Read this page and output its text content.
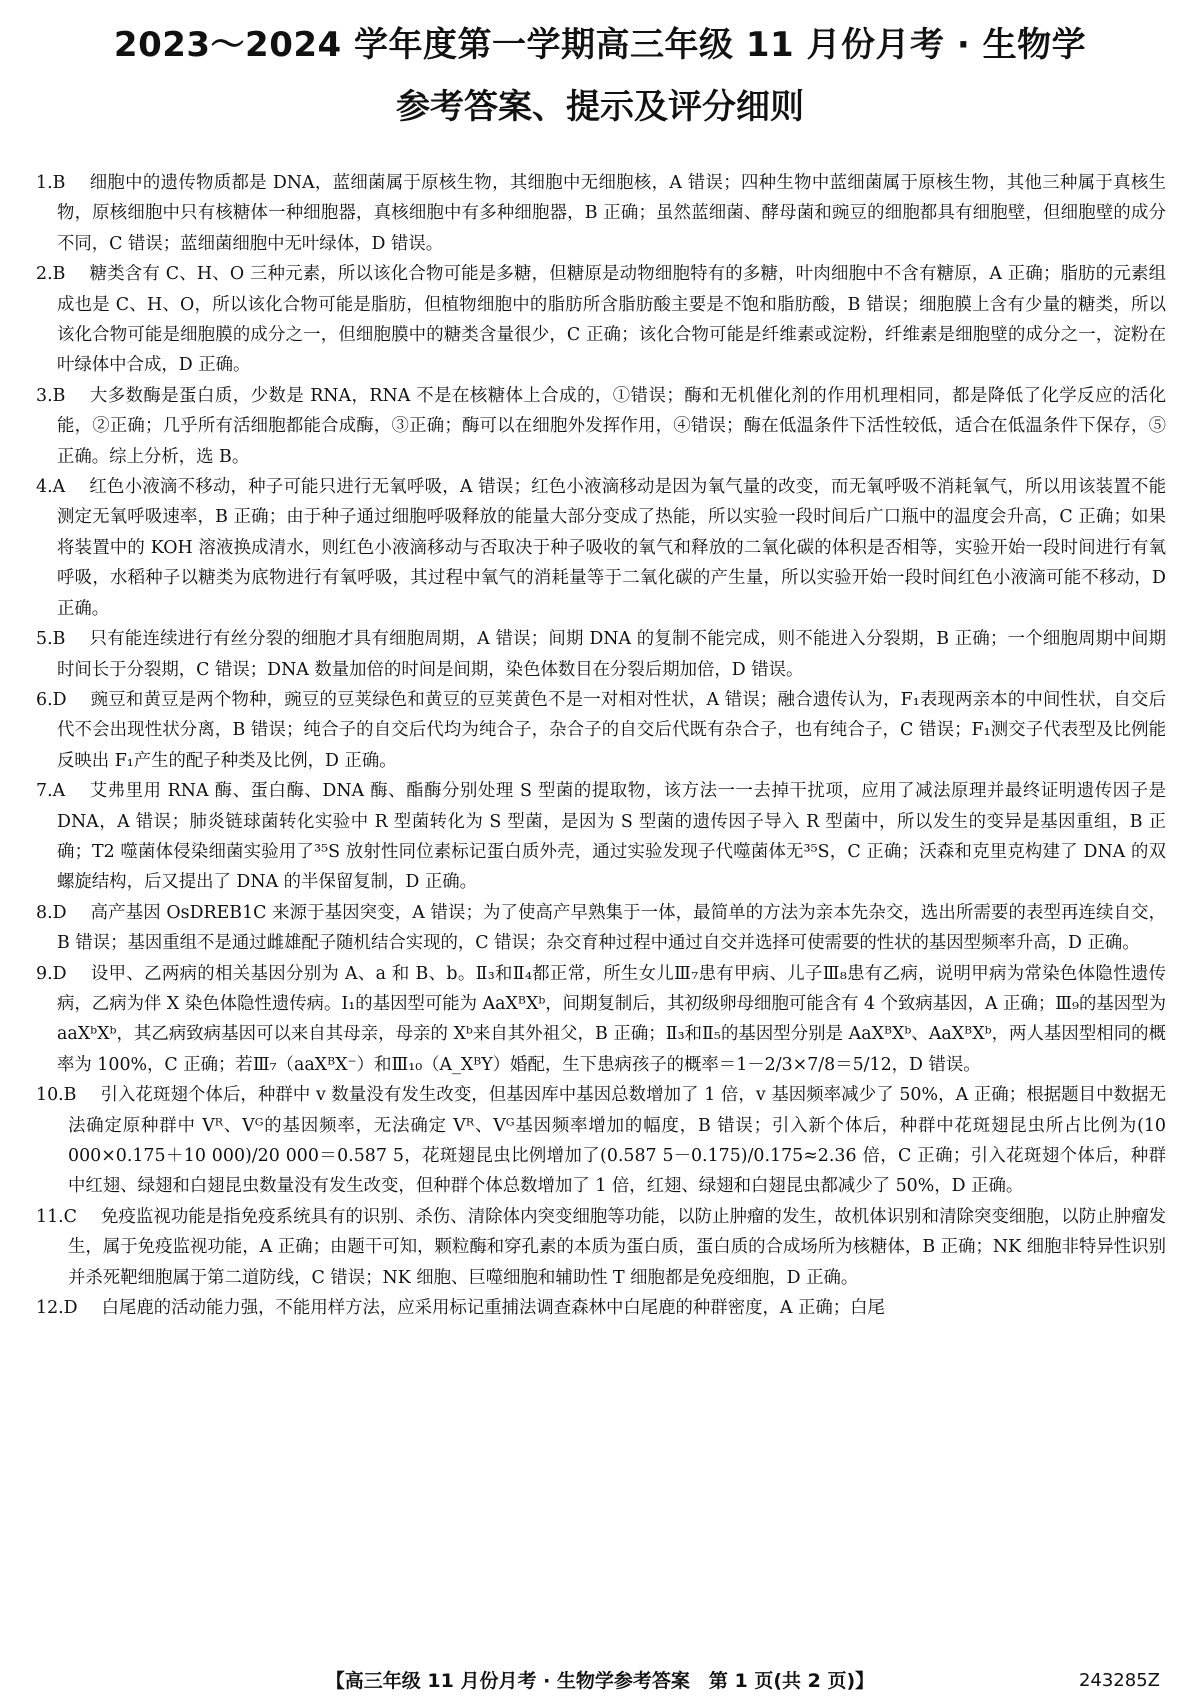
2023～2024 学年度第一学期高三年级 11 月份月考 · 生物学
参考答案、提示及评分细则
1.B 细胞中的遗传物质都是 DNA，蓝细菌属于原核生物，其细胞中无细胞核，A 错误；四种生物中蓝细菌属于原核生物，其他三种属于真核生物，原核细胞中只有核糖体一种细胞器，真核细胞中有多种细胞器，B 正确；虽然蓝细菌、酵母菌和豌豆的细胞都具有细胞壁，但细胞壁的成分不同，C 错误；蓝细菌细胞中无叶绿体，D 错误。
2.B 糖类含有 C、H、O 三种元素，所以该化合物可能是多糖，但糖原是动物细胞特有的多糖，叶肉细胞中不含有糖原，A 正确；脂肪的元素组成也是 C、H、O，所以该化合物可能是脂肪，但植物细胞中的脂肪所含脂肪酸主要是不饱和脂肪酸，B 错误；细胞膜上含有少量的糖类，所以该化合物可能是细胞膜的成分之一，但细胞膜中的糖类含量很少，C 正确；该化合物可能是纤维素或淀粉，纤维素是细胞壁的成分之一，淀粉在叶绿体中合成，D 正确。
3.B 大多数酶是蛋白质，少数是 RNA，RNA 不是在核糖体上合成的，①错误；酶和无机催化剂的作用机理相同，都是降低了化学反应的活化能，②正确；几乎所有活细胞都能合成酶，③正确；酶可以在细胞外发挥作用，④错误；酶在低温条件下活性较低，适合在低温条件下保存，⑤正确。综上分析，选 B。
4.A 红色小液滴不移动，种子可能只进行无氧呼吸，A 错误；红色小液滴移动是因为氧气量的改变，而无氧呼吸不消耗氧气，所以用该装置不能测定无氧呼吸速率，B 正确；由于种子通过细胞呼吸释放的能量大部分变成了热能，所以实验一段时间后广口瓶中的温度会升高，C 正确；如果将装置中的 KOH 溶液换成清水，则红色小液滴移动与否取决于种子吸收的氧气和释放的二氧化碳的体积是否相等，实验开始一段时间进行有氧呼吸，水稻种子以糖类为底物进行有氧呼吸，其过程中氧气的消耗量等于二氧化碳的产生量，所以实验开始一段时间红色小液滴可能不移动，D 正确。
5.B 只有能连续进行有丝分裂的细胞才具有细胞周期，A 错误；间期 DNA 的复制不能完成，则不能进入分裂期，B 正确；一个细胞周期中间期时间长于分裂期，C 错误；DNA 数量加倍的时间是间期，染色体数目在分裂后期加倍，D 错误。
6.D 豌豆和黄豆是两个物种，豌豆的豆荚绿色和黄豆的豆荚黄色不是一对相对性状，A 错误；融合遗传认为，F₁表现两亲本的中间性状，自交后代不会出现性状分离，B 错误；纯合子的自交后代均为纯合子，杂合子的自交后代既有杂合子，也有纯合子，C 错误；F₁测交子代表型及比例能反映出 F₁产生的配子种类及比例，D 正确。
7.A 艾弗里用 RNA 酶、蛋白酶、DNA 酶、酯酶分别处理 S 型菌的提取物，该方法一一去掉干扰项，应用了减法原理并最终证明遗传因子是 DNA，A 错误；肺炎链球菌转化实验中 R 型菌转化为 S 型菌，是因为 S 型菌的遗传因子导入 R 型菌中，所以发生的变异是基因重组，B 正确；T2 噬菌体侵染细菌实验用了³⁵S 放射性同位素标记蛋白质外壳，通过实验发现子代噬菌体无³⁵S，C 正确；沃森和克里克构建了 DNA 的双螺旋结构，后又提出了 DNA 的半保留复制，D 正确。
8.D 高产基因 OsDREB1C 来源于基因突变，A 错误；为了使高产早熟集于一体，最简单的方法为亲本先杂交，选出所需要的表型再连续自交，B 错误；基因重组不是通过雌雄配子随机结合实现的，C 错误；杂交育种过程中通过自交并选择可使需要的性状的基因型频率升高，D 正确。
9.D 设甲、乙两病的相关基因分别为 A、a 和 B、b。Ⅱ₃和Ⅱ₄都正常，所生女儿Ⅲ₇患有甲病、儿子Ⅲ₈患有乙病，说明甲病为常染色体隐性遗传病，乙病为伴 X 染色体隐性遗传病。Ⅰ₁的基因型可能为 AaXᴮXᵇ，间期复制后，其初级卵母细胞可能含有 4 个致病基因，A 正确；Ⅲ₉的基因型为 aaXᵇXᵇ，其乙病致病基因可以来自其母亲，母亲的 Xᵇ来自其外祖父，B 正确；Ⅱ₃和Ⅱ₅的基因型分别是 AaXᴮXᵇ、AaXᴮXᵇ，两人基因型相同的概率为 100%，C 正确；若Ⅲ₇（aaXᴮX⁻）和Ⅲ₁₀（A_XᴮY）婚配，生下患病孩子的概率＝1－2/3×7/8＝5/12，D 错误。
10.B 引入花斑翅个体后，种群中 v 数量没有发生改变，但基因库中基因总数增加了 1 倍，v 基因频率减少了 50%，A 正确；根据题目中数据无法确定原种群中 Vᴿ、Vᴳ的基因频率，无法确定 Vᴿ、Vᴳ基因频率增加的幅度，B 错误；引入新个体后，种群中花斑翅昆虫所占比例为(10 000×0.175＋10 000)/20 000＝0.587 5，花斑翅昆虫比例增加了(0.587 5－0.175)/0.175≈2.36 倍，C 正确；引入花斑翅个体后，种群中红翅、绿翅和白翅昆虫数量没有发生改变，但种群个体总数增加了 1 倍，红翅、绿翅和白翅昆虫都减少了 50%，D 正确。
11.C 免疫监视功能是指免疫系统具有的识别、杀伤、清除体内突变细胞等功能，以防止肿瘤的发生，故机体识别和清除突变细胞，以防止肿瘤发生，属于免疫监视功能，A 正确；由题干可知，颗粒酶和穿孔素的本质为蛋白质，蛋白质的合成场所为核糖体，B 正确；NK 细胞非特异性识别并杀死靶细胞属于第二道防线，C 错误；NK 细胞、巨噬细胞和辅助性 T 细胞都是免疫细胞，D 正确。
12.D 白尾鹿的活动能力强，不能用样方法，应采用标记重捕法调查森林中白尾鹿的种群密度，A 正确；白尾
【高三年级 11 月份月考 · 生物学参考答案　第 1 页(共 2 页)】	243285Z
